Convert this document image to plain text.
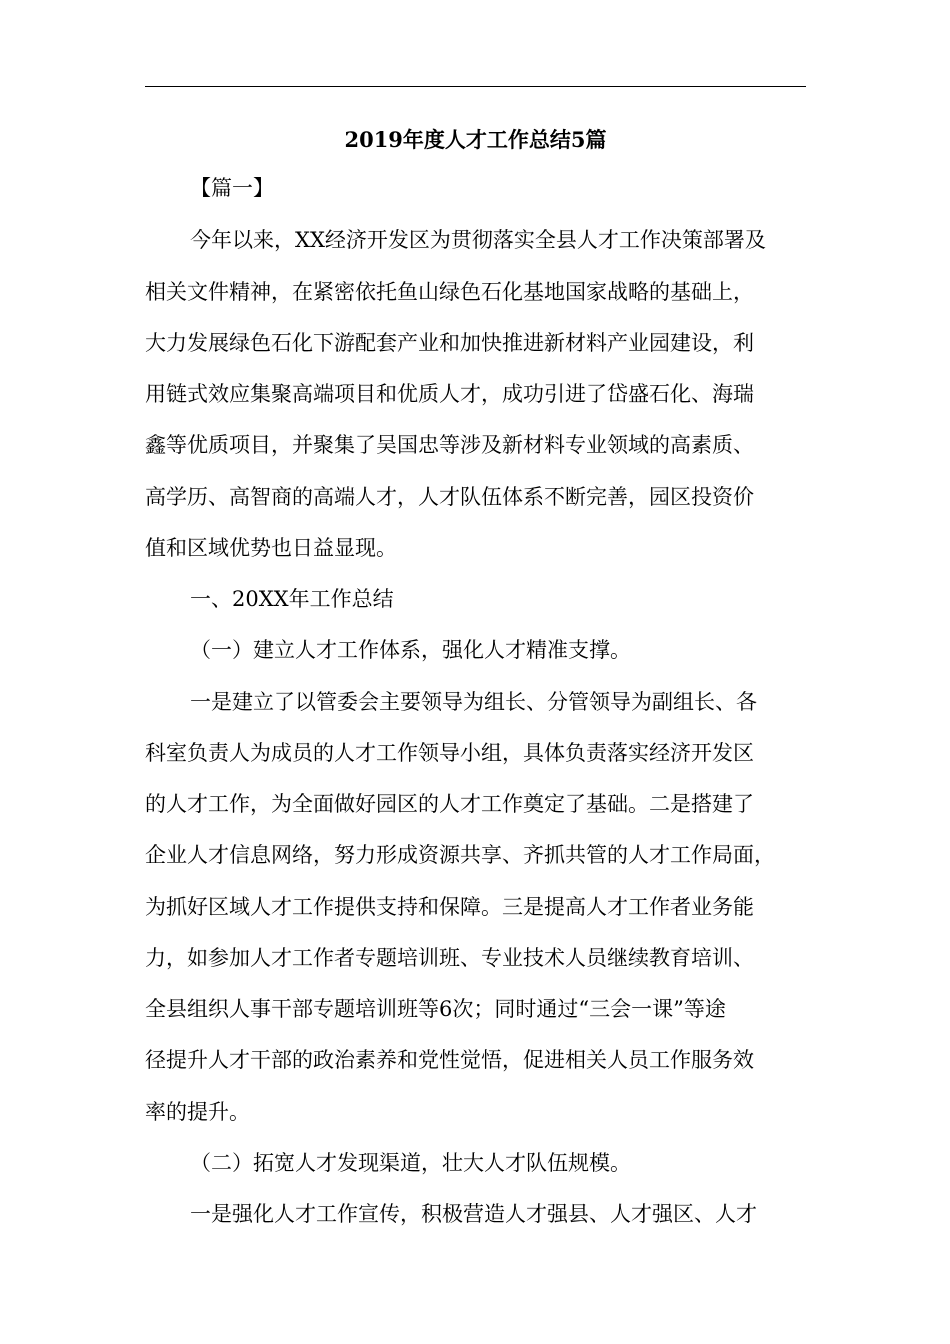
2019年度人才工作总结5篇
【篇一】
今年以来，XX经济开发区为贯彻落实全县人才工作决策部署及
相关文件精神，在紧密依托鱼山绿色石化基地国家战略的基础上，
大力发展绿色石化下游配套产业和加快推进新材料产业园建设，利
用链式效应集聚高端项目和优质人才，成功引进了岱盛石化、海瑞
鑫等优质项目，并聚集了吴国忠等涉及新材料专业领域的高素质、
高学历、高智商的高端人才，人才队伍体系不断完善，园区投资价
值和区域优势也日益显现。
一、20XX年工作总结
（一）建立人才工作体系，强化人才精准支撑。
一是建立了以管委会主要领导为组长、分管领导为副组长、各
科室负责人为成员的人才工作领导小组，具体负责落实经济开发区
的人才工作，为全面做好园区的人才工作奠定了基础。二是搭建了
企业人才信息网络，努力形成资源共享、齐抓共管的人才工作局面，
为抓好区域人才工作提供支持和保障。三是提高人才工作者业务能
力，如参加人才工作者专题培训班、专业技术人员继续教育培训、
全县组织人事干部专题培训班等6次；同时通过“三会一课”等途
径提升人才干部的政治素养和党性觉悟，促进相关人员工作服务效
率的提升。
（二）拓宽人才发现渠道，壮大人才队伍规模。
一是强化人才工作宣传，积极营造人才强县、人才强区、人才
